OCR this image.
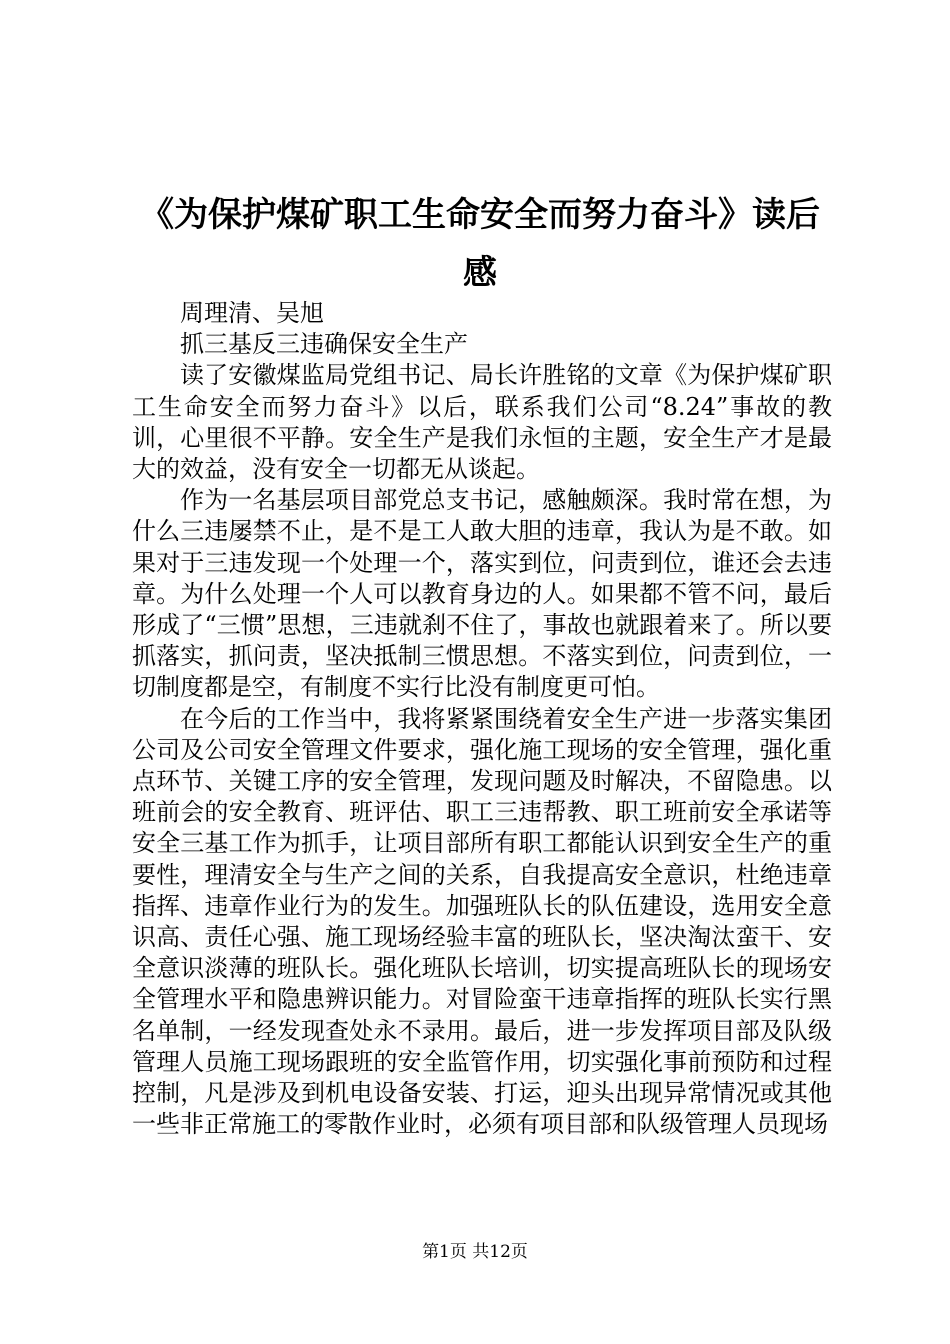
《为保护煤矿职工生命安全而努力奋斗》读后感

周理清、吴旭

抓三基反三违确保安全生产

读了安徽煤监局党组书记、局长许胜铭的文章《为保护煤矿职工生命安全而努力奋斗》以后，联系我们公司“8.24”事故的教训，心里很不平静。安全生产是我们永恒的主题，安全生产才是最大的效益，没有安全一切都无从谈起。

作为一名基层项目部党总支书记，感触颇深。我时常在想，为什么三违屡禁不止，是不是工人敢大胆的违章，我认为是不敢。如果对于三违发现一个处理一个，落实到位，问责到位，谁还会去违章。为什么处理一个人可以教育身边的人。如果都不管不问，最后形成了“三惯”思想，三违就刹不住了，事故也就跟着来了。所以要抓落实，抓问责，坚决抵制三惯思想。不落实到位，问责到位，一切制度都是空，有制度不实行比没有制度更可怕。

在今后的工作当中，我将紧紧围绕着安全生产进一步落实集团公司及公司安全管理文件要求，强化施工现场的安全管理，强化重点环节、关键工序的安全管理，发现问题及时解决，不留隐患。以班前会的安全教育、班评估、职工三违帮教、职工班前安全承诺等安全三基工作为抓手，让项目部所有职工都能认识到安全生产的重要性，理清安全与生产之间的关系，自我提高安全意识，杜绝违章指挥、违章作业行为的发生。加强班队长的队伍建设，选用安全意识高、责任心强、施工现场经验丰富的班队长，坚决淘汰蛮干、安全意识淡薄的班队长。强化班队长培训，切实提高班队长的现场安全管理水平和隐患辨识能力。对冒险蛮干违章指挥的班队长实行黑名单制，一经发现查处永不录用。最后，进一步发挥项目部及队级管理人员施工现场跟班的安全监管作用，切实强化事前预防和过程控制，凡是涉及到机电设备安装、打运，迎头出现异常情况或其他一些非正常施工的零散作业时，必须有项目部和队级管理人员现场

第1页 共12页
